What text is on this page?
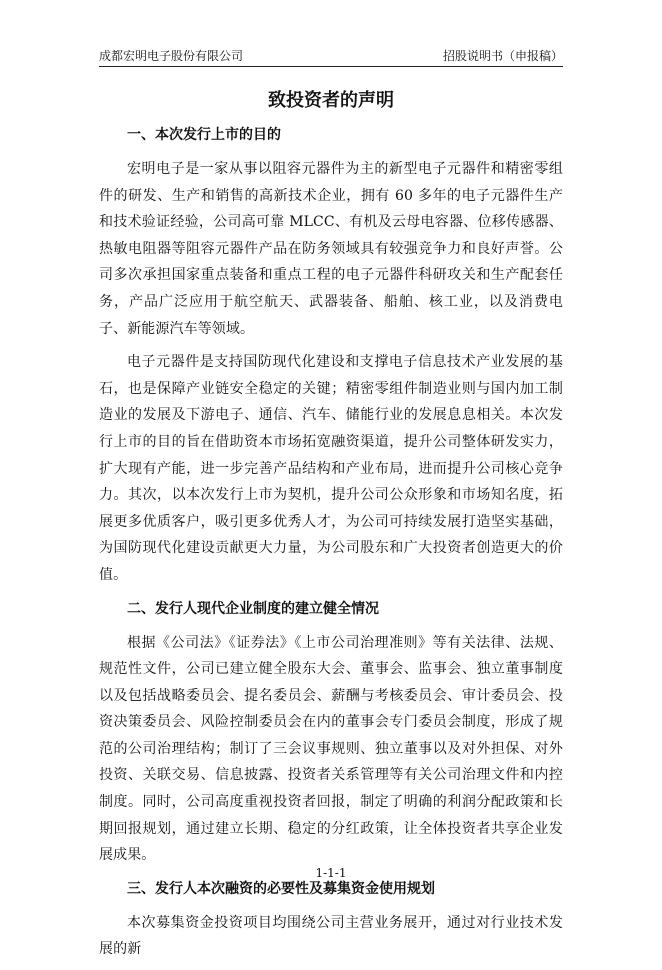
成都宏明电子股份有限公司	招股说明书（申报稿）
致投资者的声明
一、本次发行上市的目的

宏明电子是一家从事以阻容元器件为主的新型电子元器件和精密零组件的研发、生产和销售的高新技术企业，拥有 60 多年的电子元器件生产和技术验证经验，公司高可靠 MLCC、有机及云母电容器、位移传感器、热敏电阻器等阻容元器件产品在防务领域具有较强竞争力和良好声誉。公司多次承担国家重点装备和重点工程的电子元器件科研攻关和生产配套任务，产品广泛应用于航空航天、武器装备、船舶、核工业，以及消费电子、新能源汽车等领域。

电子元器件是支持国防现代化建设和支撑电子信息技术产业发展的基石，也是保障产业链安全稳定的关键；精密零组件制造业则与国内加工制造业的发展及下游电子、通信、汽车、储能行业的发展息息相关。本次发行上市的目的旨在借助资本市场拓宽融资渠道，提升公司整体研发实力，扩大现有产能，进一步完善产品结构和产业布局，进而提升公司核心竞争力。其次，以本次发行上市为契机，提升公司公众形象和市场知名度，拓展更多优质客户，吸引更多优秀人才，为公司可持续发展打造坚实基础，为国防现代化建设贡献更大力量，为公司股东和广大投资者创造更大的价值。

二、发行人现代企业制度的建立健全情况

根据《公司法》《证券法》《上市公司治理准则》等有关法律、法规、规范性文件，公司已建立健全股东大会、董事会、监事会、独立董事制度以及包括战略委员会、提名委员会、薪酬与考核委员会、审计委员会、投资决策委员会、风险控制委员会在内的董事会专门委员会制度，形成了规范的公司治理结构；制订了三会议事规则、独立董事以及对外担保、对外投资、关联交易、信息披露、投资者关系管理等有关公司治理文件和内控制度。同时，公司高度重视投资者回报，制定了明确的利润分配政策和长期回报规划，通过建立长期、稳定的分红政策，让全体投资者共享企业发展成果。

三、发行人本次融资的必要性及募集资金使用规划

本次募集资金投资项目均围绕公司主营业务展开，通过对行业技术发展的新

1-1-1
